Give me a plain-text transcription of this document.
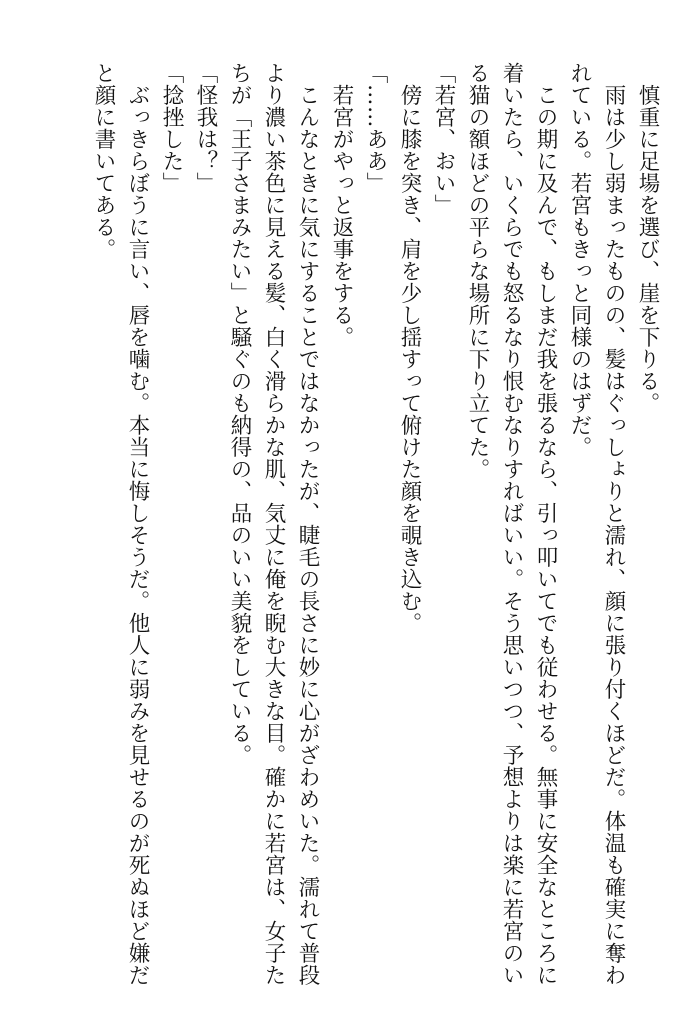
　慎重に足場を選び、崖を下りる。
　雨は少し弱まったものの、髪はぐっしょりと濡れ、顔に張り付くほどだ。体温も確実に奪わ
れている。若宮もきっと同様のはずだ。
　この期に及んで、もしまだ我を張るなら、引っ叩いてでも従わせる。無事に安全なところに
着いたら、いくらでも怒るなり恨むなりすればいい。そう思いつつ、予想よりは楽に若宮のい
る猫の額ほどの平らな場所に下り立てた。
「若宮、おい」
　傍に膝を突き、肩を少し揺すって俯けた顔を覗き込む。
「……ああ」
　若宮がやっと返事をする。
　こんなときに気にすることではなかったが、睫毛の長さに妙に心がざわめいた。濡れて普段
より濃い茶色に見える髪、白く滑らかな肌、気丈に俺を睨む大きな目。確かに若宮は、女子た
ちが「王子さまみたい」と騒ぐのも納得の、品のいい美貌をしている。
「怪我は？」
「捻挫した」
　ぶっきらぼうに言い、唇を噛む。本当に悔しそうだ。他人に弱みを見せるのが死ぬほど嫌だ
と顔に書いてある。
